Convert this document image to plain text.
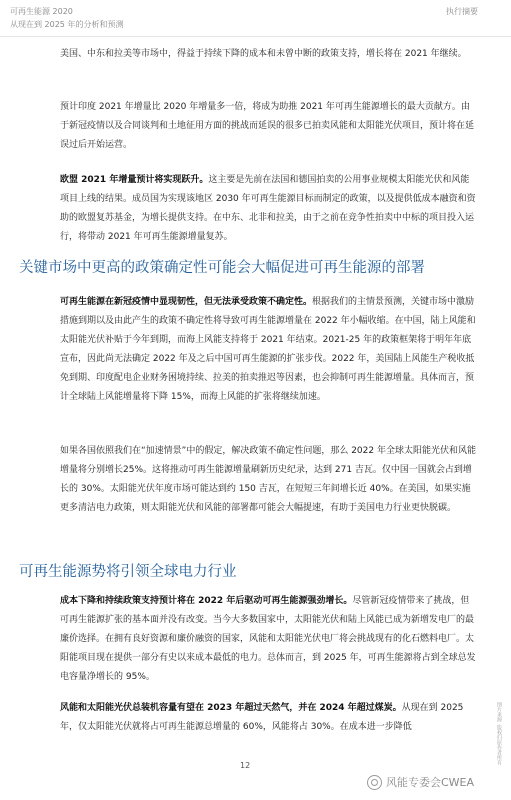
可再生能源 2020
从现在到 2025 年的分析和预测
执行摘要

美国、中东和拉美等市场中，得益于持续下降的成本和未曾中断的政策支持，增长将在 2021 年继续。

预计印度 2021 年增量比 2020 年增量多一倍，将成为助推 2021 年可再生能源增长的最大贡献方。由于新冠疫情以及合同谈判和土地征用方面的挑战而延误的很多已拍卖风能和太阳能光伏项目，预计将在延误过后开始运营。

欧盟 2021 年增量预计将实现跃升。这主要是先前在法国和德国拍卖的公用事业规模太阳能光伏和风能项目上线的结果。成员国为实现该地区 2030 年可再生能源目标而制定的政策，以及提供低成本融资和资助的欧盟复苏基金，为增长提供支持。在中东、北非和拉美，由于之前在竞争性拍卖中中标的项目投入运行，将带动 2021 年可再生能源增量复苏。

关键市场中更高的政策确定性可能会大幅促进可再生能源的部署

可再生能源在新冠疫情中显现韧性，但无法承受政策不确定性。根据我们的主情景预测，关键市场中激励措施到期以及由此产生的政策不确定性将导致可再生能源增量在 2022 年小幅收缩。在中国，陆上风能和太阳能光伏补贴于今年到期，而海上风能支持将于 2021 年结束。2021-25 年的政策框架将于明年年底宣布，因此尚无法确定 2022 年及之后中国可再生能源的扩张步伐。2022 年，美国陆上风能生产税收抵免到期、印度配电企业财务困境持续、拉美的拍卖推迟等因素，也会抑制可再生能源增量。具体而言，预计全球陆上风能增量将下降 15%，而海上风能的扩张将继续加速。

如果各国依照我们在“加速情景”中的假定，解决政策不确定性问题，那么 2022 年全球太阳能光伏和风能增量将分别增长25%。这将推动可再生能源增量刷新历史纪录，达到 271 吉瓦。仅中国一国就会占到增长的 30%。太阳能光伏年度市场可能达到约 150 吉瓦，在短短三年间增长近 40%。在美国，如果实施更多清洁电力政策，则太阳能光伏和风能的部署都可能会大幅提速，有助于美国电力行业更快脱碳。

可再生能源势将引领全球电力行业

成本下降和持续政策支持预计将在 2022 年后驱动可再生能源强劲增长。尽管新冠疫情带来了挑战，但可再生能源扩张的基本面并没有改变。当今大多数国家中，太阳能光伏和陆上风能已成为新增发电厂的最廉价选择。在拥有良好资源和廉价融资的国家，风能和太阳能光伏电厂将会挑战现有的化石燃料电厂。太阳能项目现在提供一部分有史以来成本最低的电力。总体而言，到 2025 年，可再生能源将占到全球总发电容量净增长的 95%。

风能和太阳能光伏总装机容量有望在 2023 年超过天然气，并在 2024 年超过煤炭。从现在到 2025 年，仅太阳能光伏就将占可再生能源总增量的 60%，风能将占 30%。在成本进一步降低	图片来源 ·版权归原作者所有
12
风能专委会CWEA
